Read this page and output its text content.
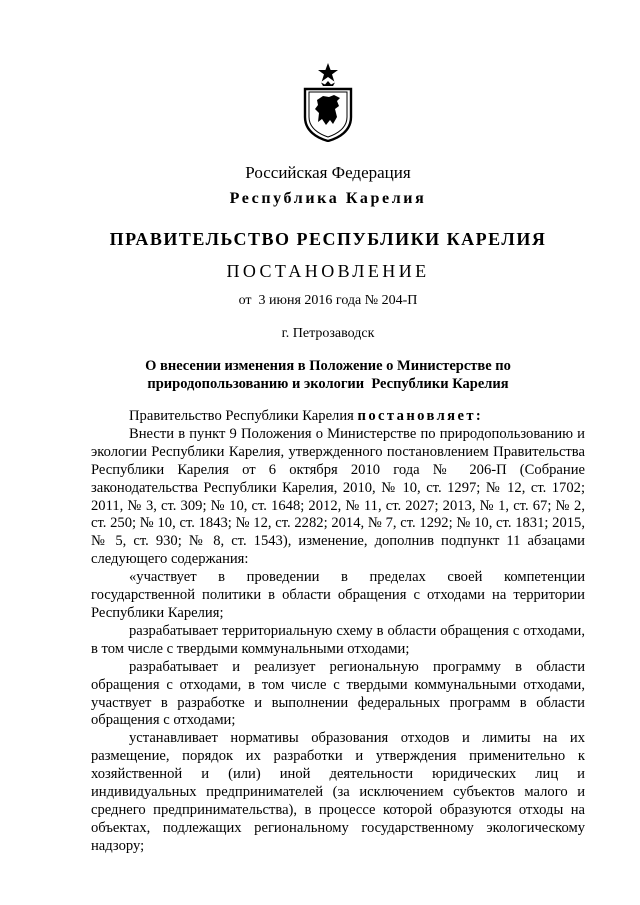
Российская Федерация
Республика Карелия
ПРАВИТЕЛЬСТВО РЕСПУБЛИКИ КАРЕЛИЯ
ПОСТАНОВЛЕНИЕ
от  3 июня 2016 года № 204-П
г. Петрозаводск
О внесении изменения в Положение о Министерстве по
природопользованию и экологии  Республики Карелия

Правительство Республики Карелия постановляет:

Внести в пункт 9 Положения о Министерстве по природопользованию и экологии Республики Карелия, утвержденного постановлением Правительства Республики Карелия от 6 октября 2010 года № 206-П (Собрание законодательства Республики Карелия, 2010, № 10, ст. 1297; № 12, ст. 1702; 2011, № 3, ст. 309; № 10, ст. 1648; 2012, № 11, ст. 2027; 2013, № 1, ст. 67; № 2, ст. 250; № 10, ст. 1843; № 12, ст. 2282; 2014, № 7, ст. 1292; № 10, ст. 1831; 2015, № 5, ст. 930; № 8, ст. 1543), изменение, дополнив подпункт 11 абзацами следующего содержания:

«участвует в проведении в пределах своей компетенции государственной политики в области обращения с отходами на территории Республики Карелия;

разрабатывает территориальную схему в области обращения с отходами, в том числе с твердыми коммунальными отходами;

разрабатывает и реализует региональную программу в области обращения с отходами, в том числе с твердыми коммунальными отходами, участвует в разработке и выполнении федеральных программ в области обращения с отходами;

устанавливает нормативы образования отходов и лимиты на их размещение, порядок их разработки и утверждения применительно к хозяйственной и (или) иной деятельности юридических лиц и индивидуальных предпринимателей (за исключением субъектов малого и среднего предпринимательства), в процессе которой образуются отходы на объектах, подлежащих региональному государственному экологическому надзору;
